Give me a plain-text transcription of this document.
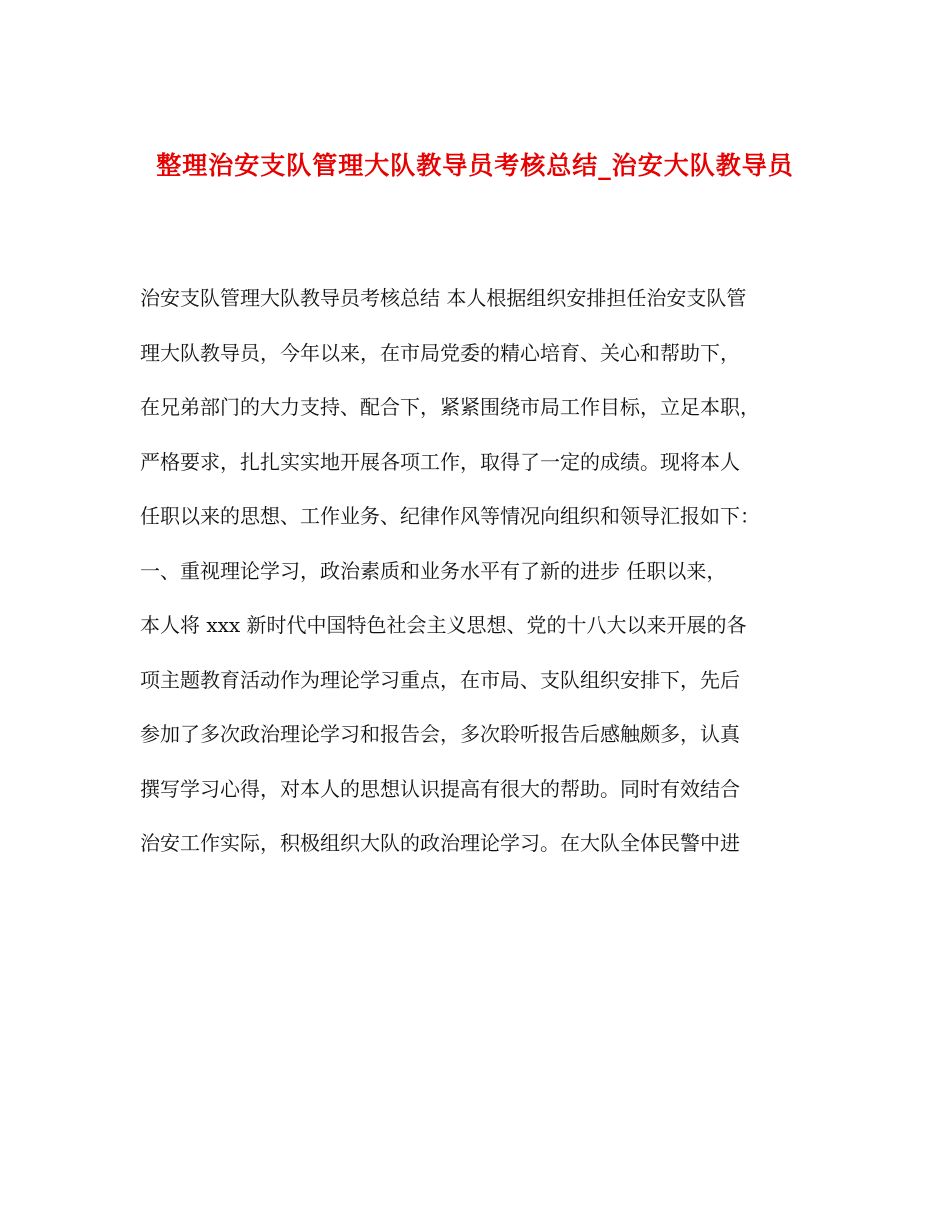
整理治安支队管理大队教导员考核总结_治安大队教导员
治安支队管理大队教导员考核总结 本人根据组织安排担任治安支队管
理大队教导员，今年以来，在市局党委的精心培育、关心和帮助下，
在兄弟部门的大力支持、配合下，紧紧围绕市局工作目标，立足本职，
严格要求，扎扎实实地开展各项工作，取得了一定的成绩。现将本人
任职以来的思想、工作业务、纪律作风等情况向组织和领导汇报如下：
一、重视理论学习，政治素质和业务水平有了新的进步 任职以来，
本人将 xxx 新时代中国特色社会主义思想、党的十八大以来开展的各
项主题教育活动作为理论学习重点，在市局、支队组织安排下，先后
参加了多次政治理论学习和报告会，多次聆听报告后感触颇多，认真
撰写学习心得，对本人的思想认识提高有很大的帮助。同时有效结合
治安工作实际，积极组织大队的政治理论学习。在大队全体民警中进
